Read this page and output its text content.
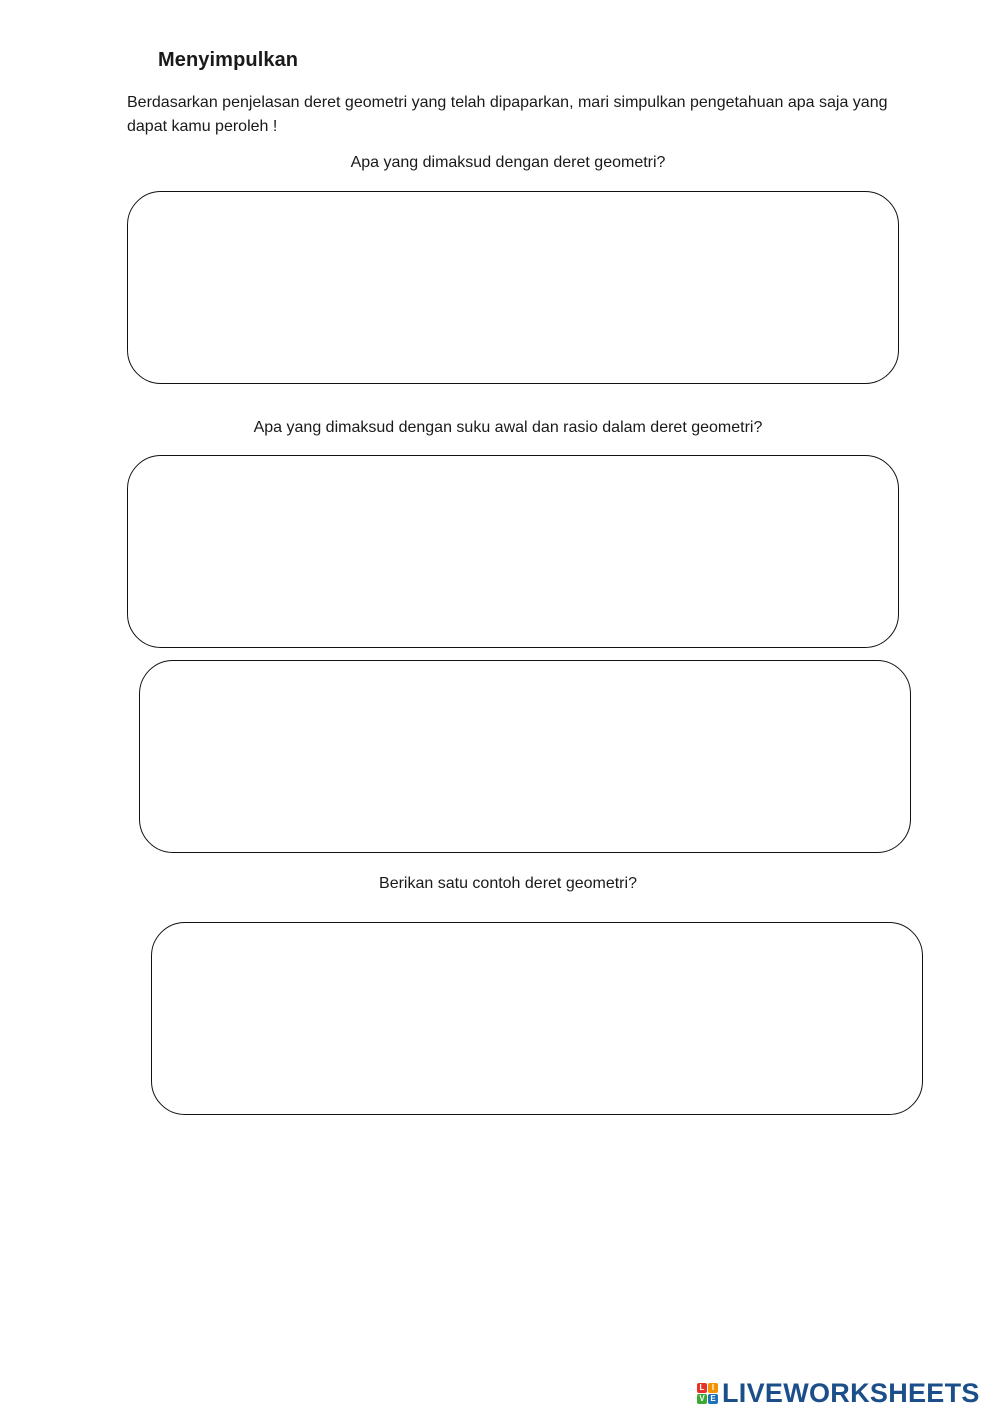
Menyimpulkan

Berdasarkan penjelasan deret geometri yang telah dipaparkan, mari simpulkan pengetahuan apa saja yang dapat kamu peroleh !

Apa yang dimaksud dengan deret geometri?

Apa yang dimaksud dengan suku awal dan rasio dalam deret geometri?

Berikan satu contoh deret geometri?

L I
V E LIVEWORKSHEETS
